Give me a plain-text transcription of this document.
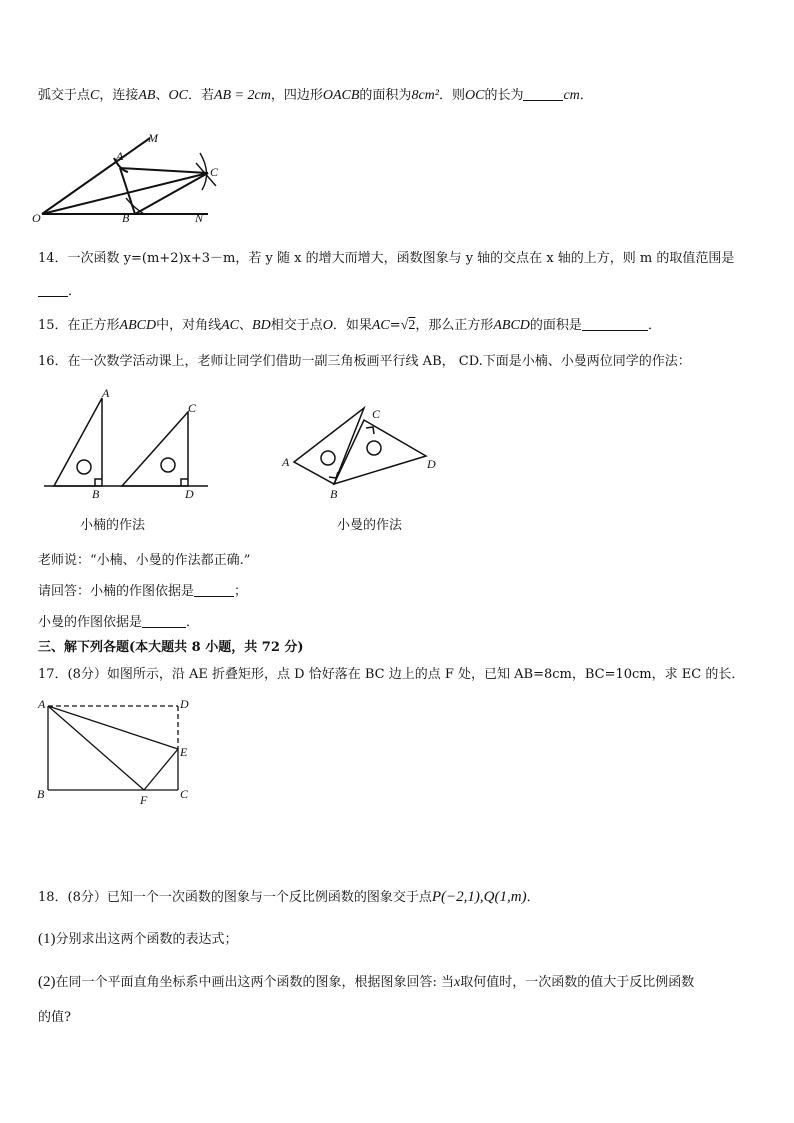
弧交于点C，连接AB、OC．若AB = 2cm，四边形OACB的面积为8cm²．则OC的长为	cm．
M
A
C
O	B	N
14．一次函数 y=(m+2)x+3－m，若 y 随 x 的增大而增大，函数图象与 y 轴的交点在 x 轴的上方，则 m 的取值范围是
．
15．在正方形ABCD中，对角线AC、BD相交于点O．如果AC=√2，那么正方形ABCD的面积是	．
16．在一次数学活动课上，老师让同学们借助一副三角板画平行线 AB， CD.下面是小楠、小曼两位同学的作法：
A
B
C
D
小楠的作法
A
B
C
D
小曼的作法
老师说：“小楠、小曼的作法都正确.”
请回答：小楠的作图依据是	；
小曼的作图依据是	．
三、解下列各题(本大题共 8 小题，共 72 分)
17．(8分）如图所示，沿 AE 折叠矩形，点 D 恰好落在 BC 边上的点 F 处，已知 AB=8cm，BC=10cm，求 EC 的长．
A	D
E
B	F	C
18．(8分）已知一个一次函数的图象与一个反比例函数的图象交于点P(−2,1),Q(1,m)．
(1)分别求出这两个函数的表达式；
(2)在同一个平面直角坐标系中画出这两个函数的图象，根据图象回答: 当x取何值时，一次函数的值大于反比例函数
的值?
